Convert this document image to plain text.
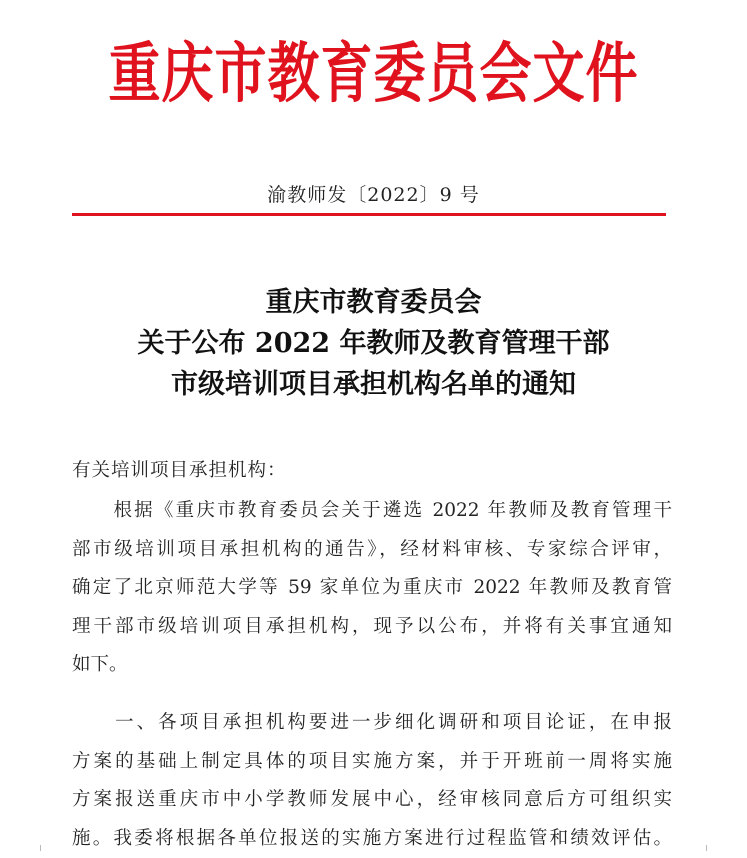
重庆市教育委员会文件
渝教师发〔2022〕9 号
重庆市教育委员会
关于公布 2022 年教师及教育管理干部
市级培训项目承担机构名单的通知
有关培训项目承担机构：
　　根据《重庆市教育委员会关于遴选 2022 年教师及教育管理干
部市级培训项目承担机构的通告》，经材料审核、专家综合评审，
确定了北京师范大学等 59 家单位为重庆市 2022 年教师及教育管
理干部市级培训项目承担机构，现予以公布，并将有关事宜通知
如下。
　　一、各项目承担机构要进一步细化调研和项目论证，在申报
方案的基础上制定具体的项目实施方案，并于开班前一周将实施
方案报送重庆市中小学教师发展中心，经审核同意后方可组织实
施。我委将根据各单位报送的实施方案进行过程监管和绩效评估。
